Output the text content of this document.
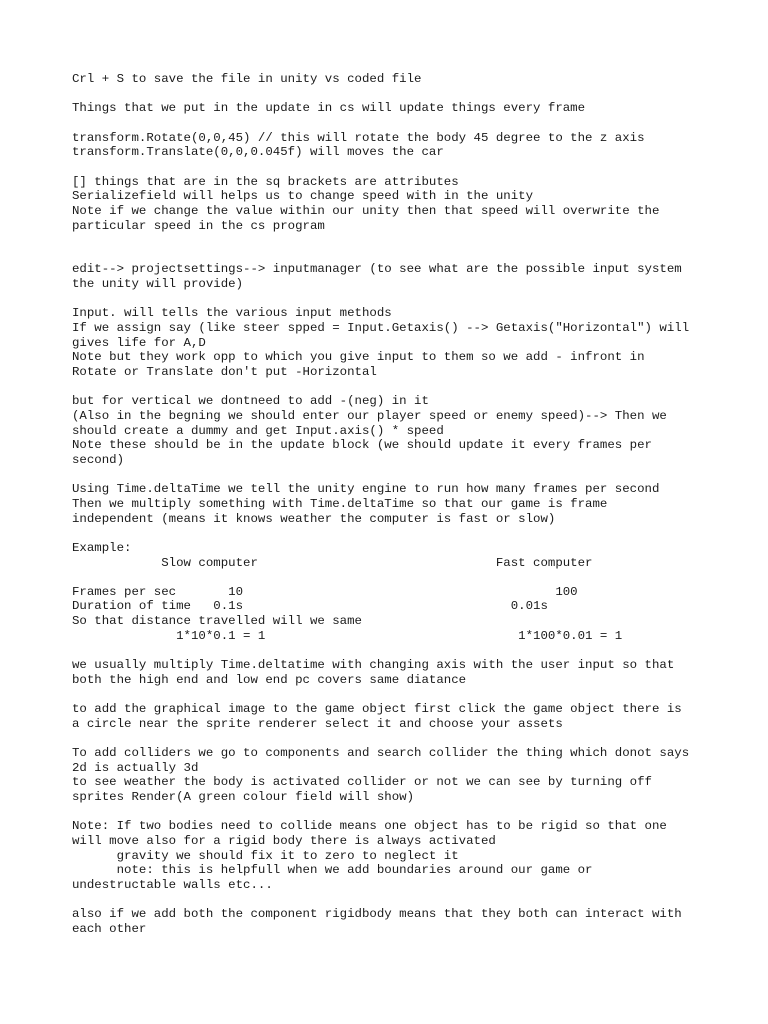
Crl + S to save the file in unity vs coded file
Things that we put in the update in cs will update things every frame
transform.Rotate(0,0,45) // this will rotate the body 45 degree to the z axis
transform.Translate(0,0,0.045f) will moves the car
[] things that are in the sq brackets are attributes
Serializefield will helps us to change speed with in the unity
Note if we change the value within our unity then that speed will overwrite the
particular speed in the cs program
edit--> projectsettings--> inputmanager (to see what are the possible input system
the unity will provide)
Input. will tells the various input methods
If we assign say (like steer spped = Input.Getaxis() --> Getaxis("Horizontal") will
gives life for A,D
Note but they work opp to which you give input to them so we add - infront in
Rotate or Translate don't put -Horizontal
but for vertical we dontneed to add -(neg) in it
(Also in the begning we should enter our player speed or enemy speed)--> Then we
should create a dummy and get Input.axis() * speed
Note these should be in the update block (we should update it every frames per
second)
Using Time.deltaTime we tell the unity engine to run how many frames per second
Then we multiply something with Time.deltaTime so that our game is frame
independent (means it knows weather the computer is fast or slow)
Example:
Slow computer                                Fast computer
Frames per sec       10                                          100
Duration of time   0.1s                                    0.01s
So that distance travelled will we same
1*10*0.1 = 1                                  1*100*0.01 = 1
we usually multiply Time.deltatime with changing axis with the user input so that
both the high end and low end pc covers same diatance
to add the graphical image to the game object first click the game object there is
a circle near the sprite renderer select it and choose your assets
To add colliders we go to components and search collider the thing which donot says
2d is actually 3d
to see weather the body is activated collider or not we can see by turning off
sprites Render(A green colour field will show)
Note: If two bodies need to collide means one object has to be rigid so that one
will move also for a rigid body there is always activated
gravity we should fix it to zero to neglect it
note: this is helpfull when we add boundaries around our game or
undestructable walls etc...
also if we add both the component rigidbody means that they both can interact with
each other
